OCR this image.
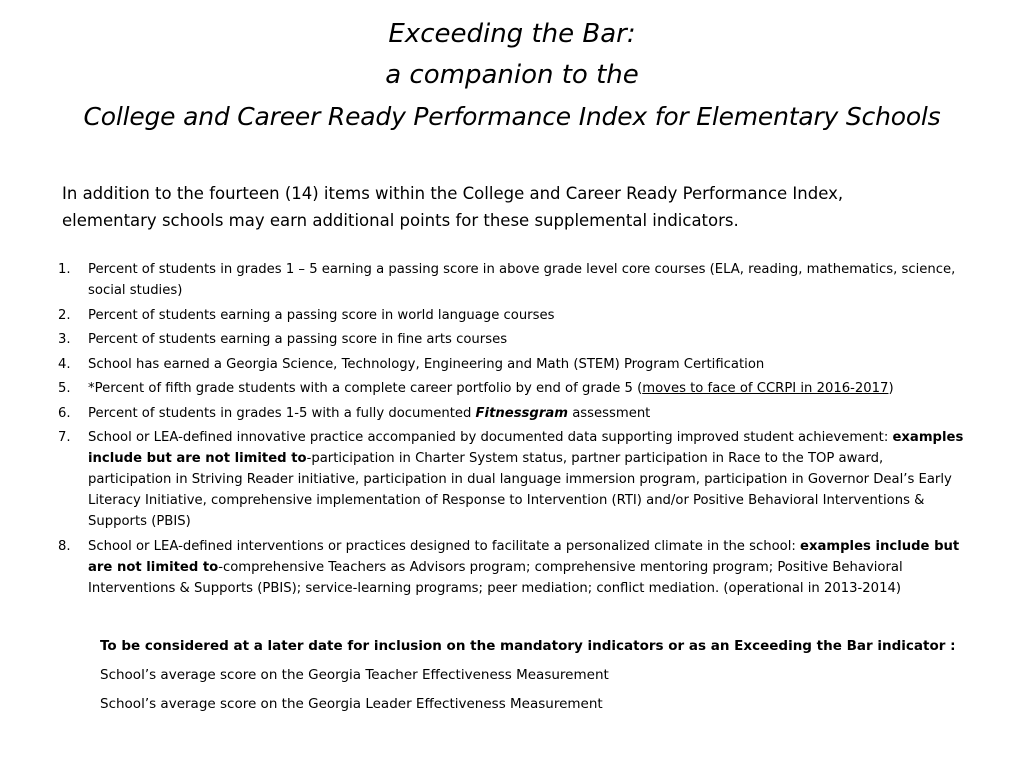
Exceeding the Bar:
a companion to the
College and Career Ready Performance Index for Elementary Schools
In addition to the fourteen (14) items within the College and Career Ready Performance Index,
elementary schools may earn additional points for these supplemental indicators.
1. Percent of students in grades 1 – 5 earning a passing score in above grade level core courses (ELA, reading, mathematics, science, social studies)
2. Percent of students earning a passing score in world language courses
3. Percent of students earning a passing score in fine arts courses
4. School has earned a Georgia Science, Technology, Engineering and Math (STEM) Program Certification
5. *Percent of fifth grade students with a complete career portfolio by end of grade 5 (moves to face of CCRPI in 2016-2017)
6. Percent of students in grades 1-5 with a fully documented Fitnessgram assessment
7. School or LEA-defined innovative practice accompanied by documented data supporting improved student achievement: examples include but are not limited to-participation in Charter System status, partner participation in Race to the TOP award, participation in Striving Reader initiative, participation in dual language immersion program, participation in Governor Deal’s Early Literacy Initiative, comprehensive implementation of Response to Intervention (RTI) and/or Positive Behavioral Interventions & Supports (PBIS)
8. School or LEA-defined interventions or practices designed to facilitate a personalized climate in the school: examples include but are not limited to-comprehensive Teachers as Advisors program; comprehensive mentoring program; Positive Behavioral Interventions & Supports (PBIS); service-learning programs; peer mediation; conflict mediation. (operational in 2013-2014)
To be considered at a later date for inclusion on the mandatory indicators or as an Exceeding the Bar indicator :
School’s average score on the Georgia Teacher Effectiveness Measurement
School’s average score on the Georgia Leader Effectiveness Measurement
